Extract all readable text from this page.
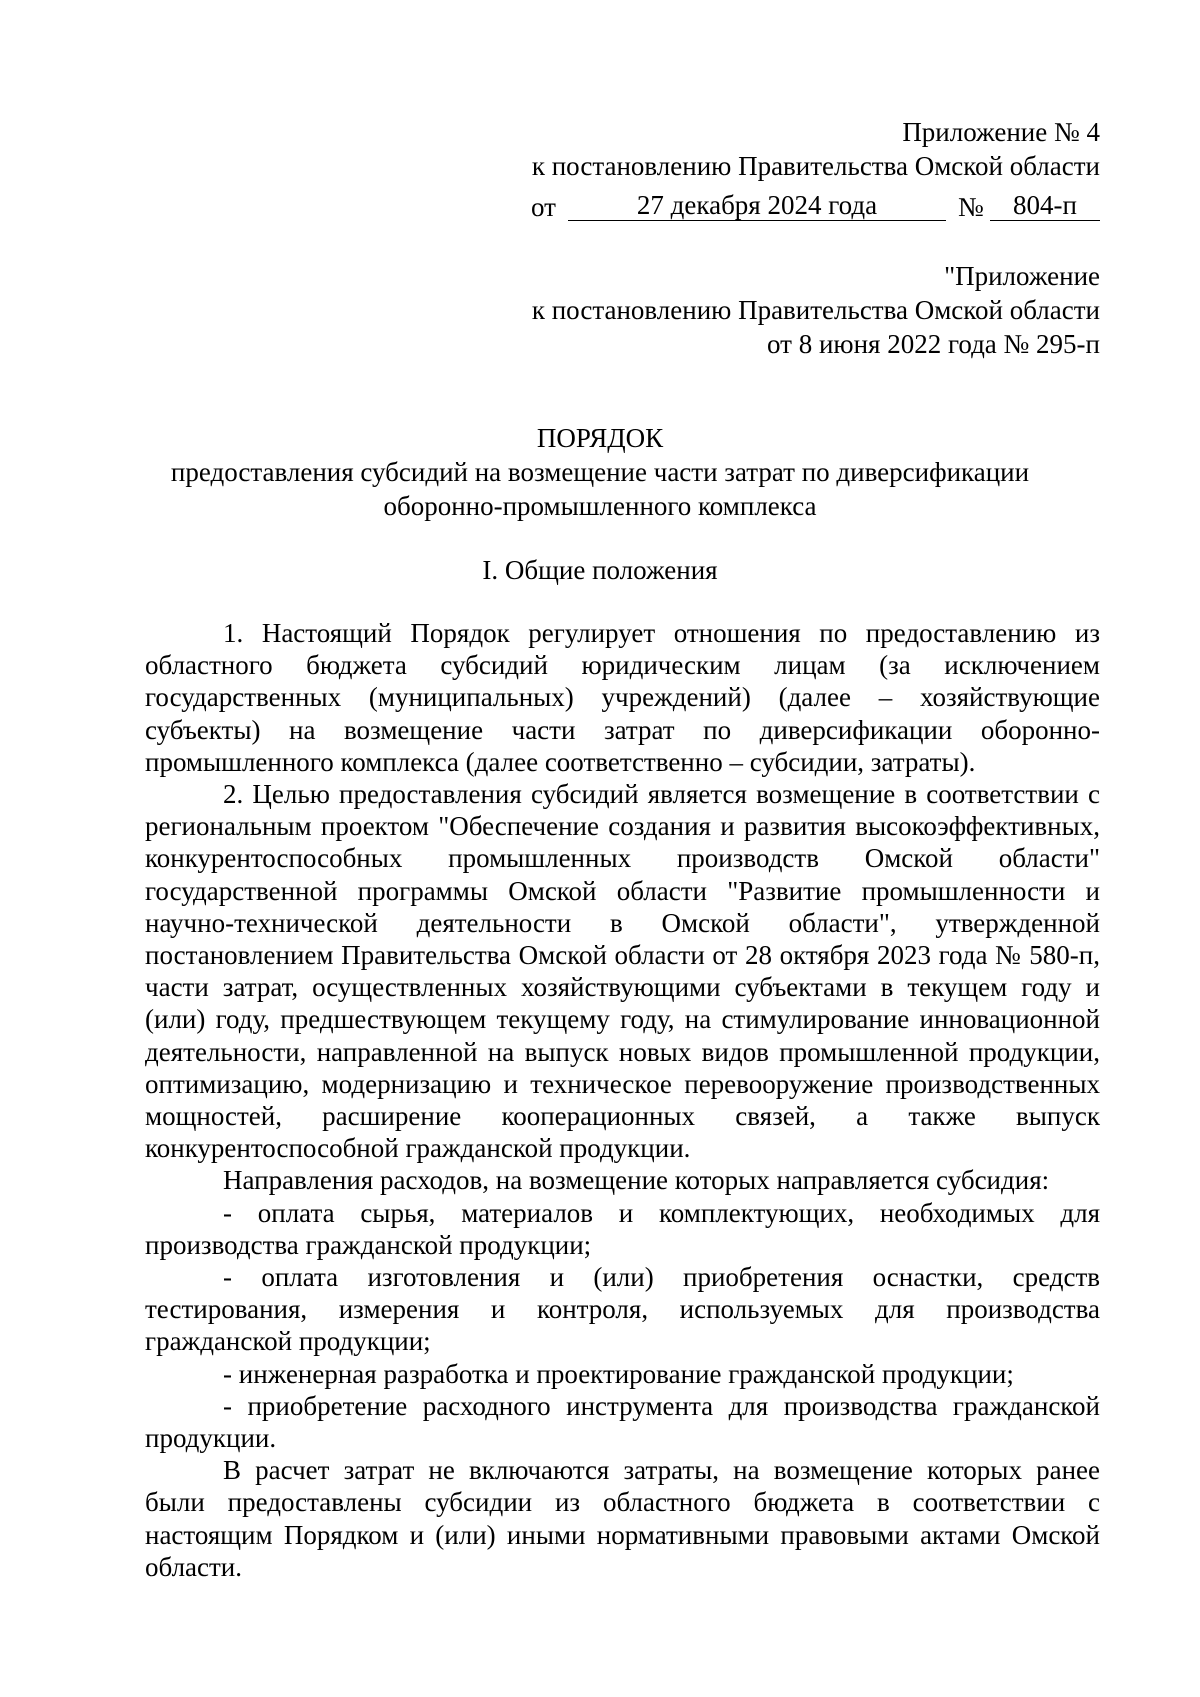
Приложение № 4
к постановлению Правительства Омской области
от	27 декабря 2024 года	№	804-п
"Приложение
к постановлению Правительства Омской области
от 8 июня 2022 года № 295-п
ПОРЯДОК
предоставления субсидий на возмещение части затрат по диверсификации
оборонно-промышленного комплекса
I. Общие положения

1. Настоящий Порядок регулирует отношения по предоставлению из областного бюджета субсидий юридическим лицам (за исключением государственных (муниципальных) учреждений) (далее – хозяйствующие субъекты) на возмещение части затрат по диверсификации оборонно-промышленного комплекса (далее соответственно – субсидии, затраты).

2. Целью предоставления субсидий является возмещение в соответствии с региональным проектом "Обеспечение создания и развития высокоэффективных, конкурентоспособных промышленных производств Омской области" государственной программы Омской области "Развитие промышленности и научно-технической деятельности в Омской области", утвержденной постановлением Правительства Омской области от 28 октября 2023 года № 580-п, части затрат, осуществленных хозяйствующими субъектами в текущем году и (или) году, предшествующем текущему году, на стимулирование инновационной деятельности, направленной на выпуск новых видов промышленной продукции, оптимизацию, модернизацию и техническое перевооружение производственных мощностей, расширение кооперационных связей, а также выпуск конкурентоспособной гражданской продукции.

Направления расходов, на возмещение которых направляется субсидия:

- оплата сырья, материалов и комплектующих, необходимых для производства гражданской продукции;

- оплата изготовления и (или) приобретения оснастки, средств тестирования, измерения и контроля, используемых для производства гражданской продукции;

- инженерная разработка и проектирование гражданской продукции;

- приобретение расходного инструмента для производства гражданской продукции.

В расчет затрат не включаются затраты, на возмещение которых ранее были предоставлены субсидии из областного бюджета в соответствии с настоящим Порядком и (или) иными нормативными правовыми актами Омской области.
